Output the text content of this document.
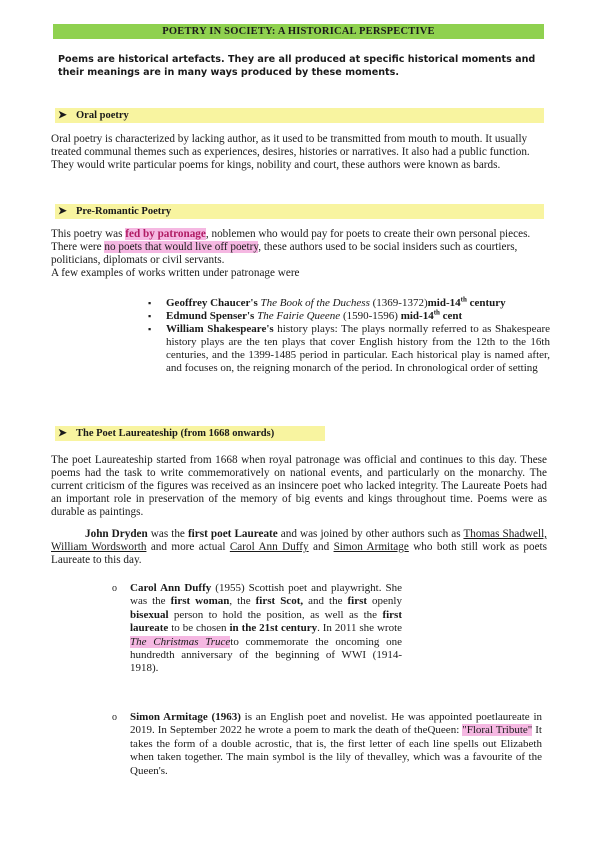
POETRY IN SOCIETY: A HISTORICAL PERSPECTIVE
Poems are historical artefacts. They are all produced at specific historical moments and their meanings are in many ways produced by these moments.
➤ Oral poetry
Oral poetry is characterized by lacking author, as it used to be transmitted from mouth to mouth. It usually treated communal themes such as experiences, desires, histories or narratives. It also had a public function. They would write particular poems for kings, nobility and court, these authors were known as bards.
➤ Pre-Romantic Poetry
This poetry was fed by patronage, noblemen who would pay for poets to create their own personal pieces. There were no poets that would live off poetry, these authors used to be social insiders such as courtiers, politicians, diplomats or civil servants.
A few examples of works written under patronage were
▪ Geoffrey Chaucer's The Book of the Duchess (1369-1372)mid-14th century
▪ Edmund Spenser's The Fairie Queene (1590-1596) mid-14th cent
▪ William Shakespeare's history plays: The plays normally referred to as Shakespeare history plays are the ten plays that cover English history from the 12th to the 16th centuries, and the 1399-1485 period in particular. Each historical play is named after, and focuses on, the reigning monarch of the period. In chronological order of setting
➤ The Poet Laureateship (from 1668 onwards)
The poet Laureateship started from 1668 when royal patronage was official and continues to this day. These poems had the task to write commemoratively on national events, and particularly on the monarchy. The current criticism of the figures was received as an insincere poet who lacked integrity. The Laureate Poets had an important role in preservation of the memory of big events and kings throughout time. Poems were as durable as paintings.
John Dryden was the first poet Laureate and was joined by other authors such as Thomas Shadwell, William Wordsworth and more actual Carol Ann Duffy and Simon Armitage who both still work as poets Laureate to this day.
o Carol Ann Duffy (1955) Scottish poet and playwright. She was the first woman, the first Scot, and the first openly bisexual person to hold the position, as well as the first laureate to be chosen in the 21st century. In 2011 she wrote The Christmas Truceto commemorate the oncoming one hundredth anniversary of the beginning of WWI (1914-1918).
o Simon Armitage (1963) is an English poet and novelist. He was appointed poetlaureate in 2019. In September 2022 he wrote a poem to mark the death of theQueen: "Floral Tribute" It takes the form of a double acrostic, that is, the first letter of each line spells out Elizabeth when taken together. The main symbol is the lily of thevalley, which was a favourite of the Queen's.
